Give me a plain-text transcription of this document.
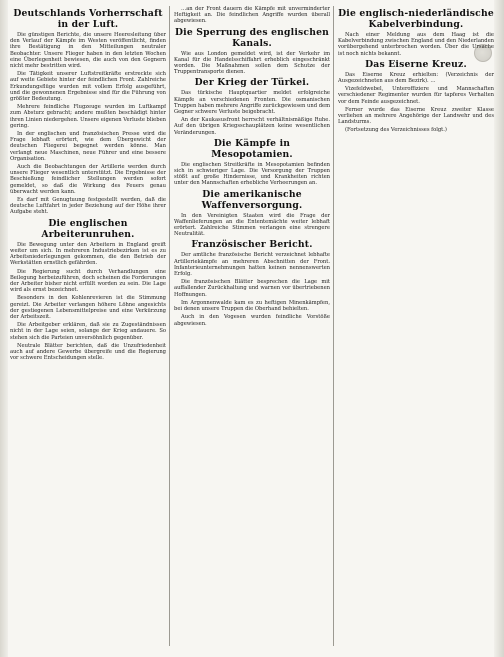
Deutschlands Vorherrschaft in der Luft.

Die günstigen Berichte, die unsere Heeresleitung über den Verlauf der Kämpfe im Westen veröffentlicht, finden ihre Bestätigung in den Mitteilungen neutraler Beobachter. Unsere Flieger haben in den letzten Wochen eine Überlegenheit bewiesen, die auch von den Gegnern nicht mehr bestritten wird.

Die Tätigkeit unserer Luftstreitkräfte erstreckte sich auf weite Gebiete hinter der feindlichen Front. Zahlreiche Erkundungsflüge wurden mit vollem Erfolg ausgeführt, und die gewonnenen Ergebnisse sind für die Führung von größter Bedeutung.

Mehrere feindliche Flugzeuge wurden im Luftkampf zum Absturz gebracht; andere mußten beschädigt hinter ihren Linien niedergehen. Unsere eigenen Verluste blieben gering.

In der englischen und französischen Presse wird die Frage lebhaft erörtert, wie dem Übergewicht der deutschen Fliegerei begegnet werden könne. Man verlangt neue Maschinen, neue Führer und eine bessere Organisation.

Auch die Beobachtungen der Artillerie werden durch unsere Flieger wesentlich unterstützt. Die Ergebnisse der Beschießung feindlicher Stellungen werden sofort gemeldet, so daß die Wirkung des Feuers genau überwacht werden kann.

Es darf mit Genugtuung festgestellt werden, daß die deutsche Luftfahrt in jeder Beziehung auf der Höhe ihrer Aufgabe steht.

Die englischen Arbeiterunruhen.

Die Bewegung unter den Arbeitern in England greift weiter um sich. In mehreren Industriebezirken ist es zu Arbeitsniederlegungen gekommen, die den Betrieb der Werkstätten ernstlich gefährden.

Die Regierung sucht durch Verhandlungen eine Beilegung herbeizuführen, doch scheinen die Forderungen der Arbeiter bisher nicht erfüllt worden zu sein. Die Lage wird als ernst bezeichnet.

Besonders in den Kohlenrevieren ist die Stimmung gereizt. Die Arbeiter verlangen höhere Löhne angesichts der gestiegenen Lebensmittelpreise und eine Verkürzung der Arbeitszeit.

Die Arbeitgeber erklären, daß sie zu Zugeständnissen nicht in der Lage seien, solange der Krieg andauere. So stehen sich die Parteien unversöhnlich gegenüber.

Neutrale Blätter berichten, daß die Unzufriedenheit auch auf andere Gewerbe übergreife und die Regierung vor schwere Entscheidungen stelle.

…an der Front dauern die Kämpfe mit unverminderter Heftigkeit an. Die feindlichen Angriffe wurden überall abgewiesen.

Die Sperrung des englischen Kanals.

Wie aus London gemeldet wird, ist der Verkehr im Kanal für die Handelsschiffahrt erheblich eingeschränkt worden. Die Maßnahmen sollen dem Schutze der Truppentransporte dienen.

Der Krieg der Türkei.

Das türkische Hauptquartier meldet erfolgreiche Kämpfe an verschiedenen Fronten. Die osmanischen Truppen haben mehrere Angriffe zurückgewiesen und dem Gegner schwere Verluste beigebracht.

An der Kaukasusfront herrscht verhältnismäßige Ruhe. Auf den übrigen Kriegsschauplätzen keine wesentlichen Veränderungen.

Die Kämpfe in Mesopotamien.

Die englischen Streitkräfte in Mesopotamien befinden sich in schwieriger Lage. Die Versorgung der Truppen stößt auf große Hindernisse, und Krankheiten richten unter den Mannschaften erhebliche Verheerungen an.

Die amerikanische Waffenversorgung.

In den Vereinigten Staaten wird die Frage der Waffenlieferungen an die Ententemächte weiter lebhaft erörtert. Zahlreiche Stimmen verlangen eine strengere Neutralität.

Französischer Bericht.

Der amtliche französische Bericht verzeichnet lebhafte Artilleriekämpfe an mehreren Abschnitten der Front. Infanterieunternehmungen hatten keinen nennenswerten Erfolg.

Die französischen Blätter besprechen die Lage mit auffallender Zurückhaltung und warnen vor übertriebenen Hoffnungen.

Im Argonnenwalde kam es zu heftigen Minenkämpfen, bei denen unsere Truppen die Oberhand behielten.

Auch in den Vogesen wurden feindliche Vorstöße abgewiesen.

Die englisch-niederländische Kabelverbindung.

Nach einer Meldung aus dem Haag ist die Kabelverbindung zwischen England und den Niederlanden vorübergehend unterbrochen worden. Über die Ursache ist noch nichts bekannt.

Das Eiserne Kreuz.

Das Eiserne Kreuz erhielten: (Verzeichnis der Ausgezeichneten aus dem Bezirk). …

Vizefeldwebel, Unteroffiziere und Mannschaften verschiedener Regimenter wurden für tapferes Verhalten vor dem Feinde ausgezeichnet.

Ferner wurde das Eiserne Kreuz zweiter Klasse verliehen an mehrere Angehörige der Landwehr und des Landsturms.

(Fortsetzung des Verzeichnisses folgt.)
